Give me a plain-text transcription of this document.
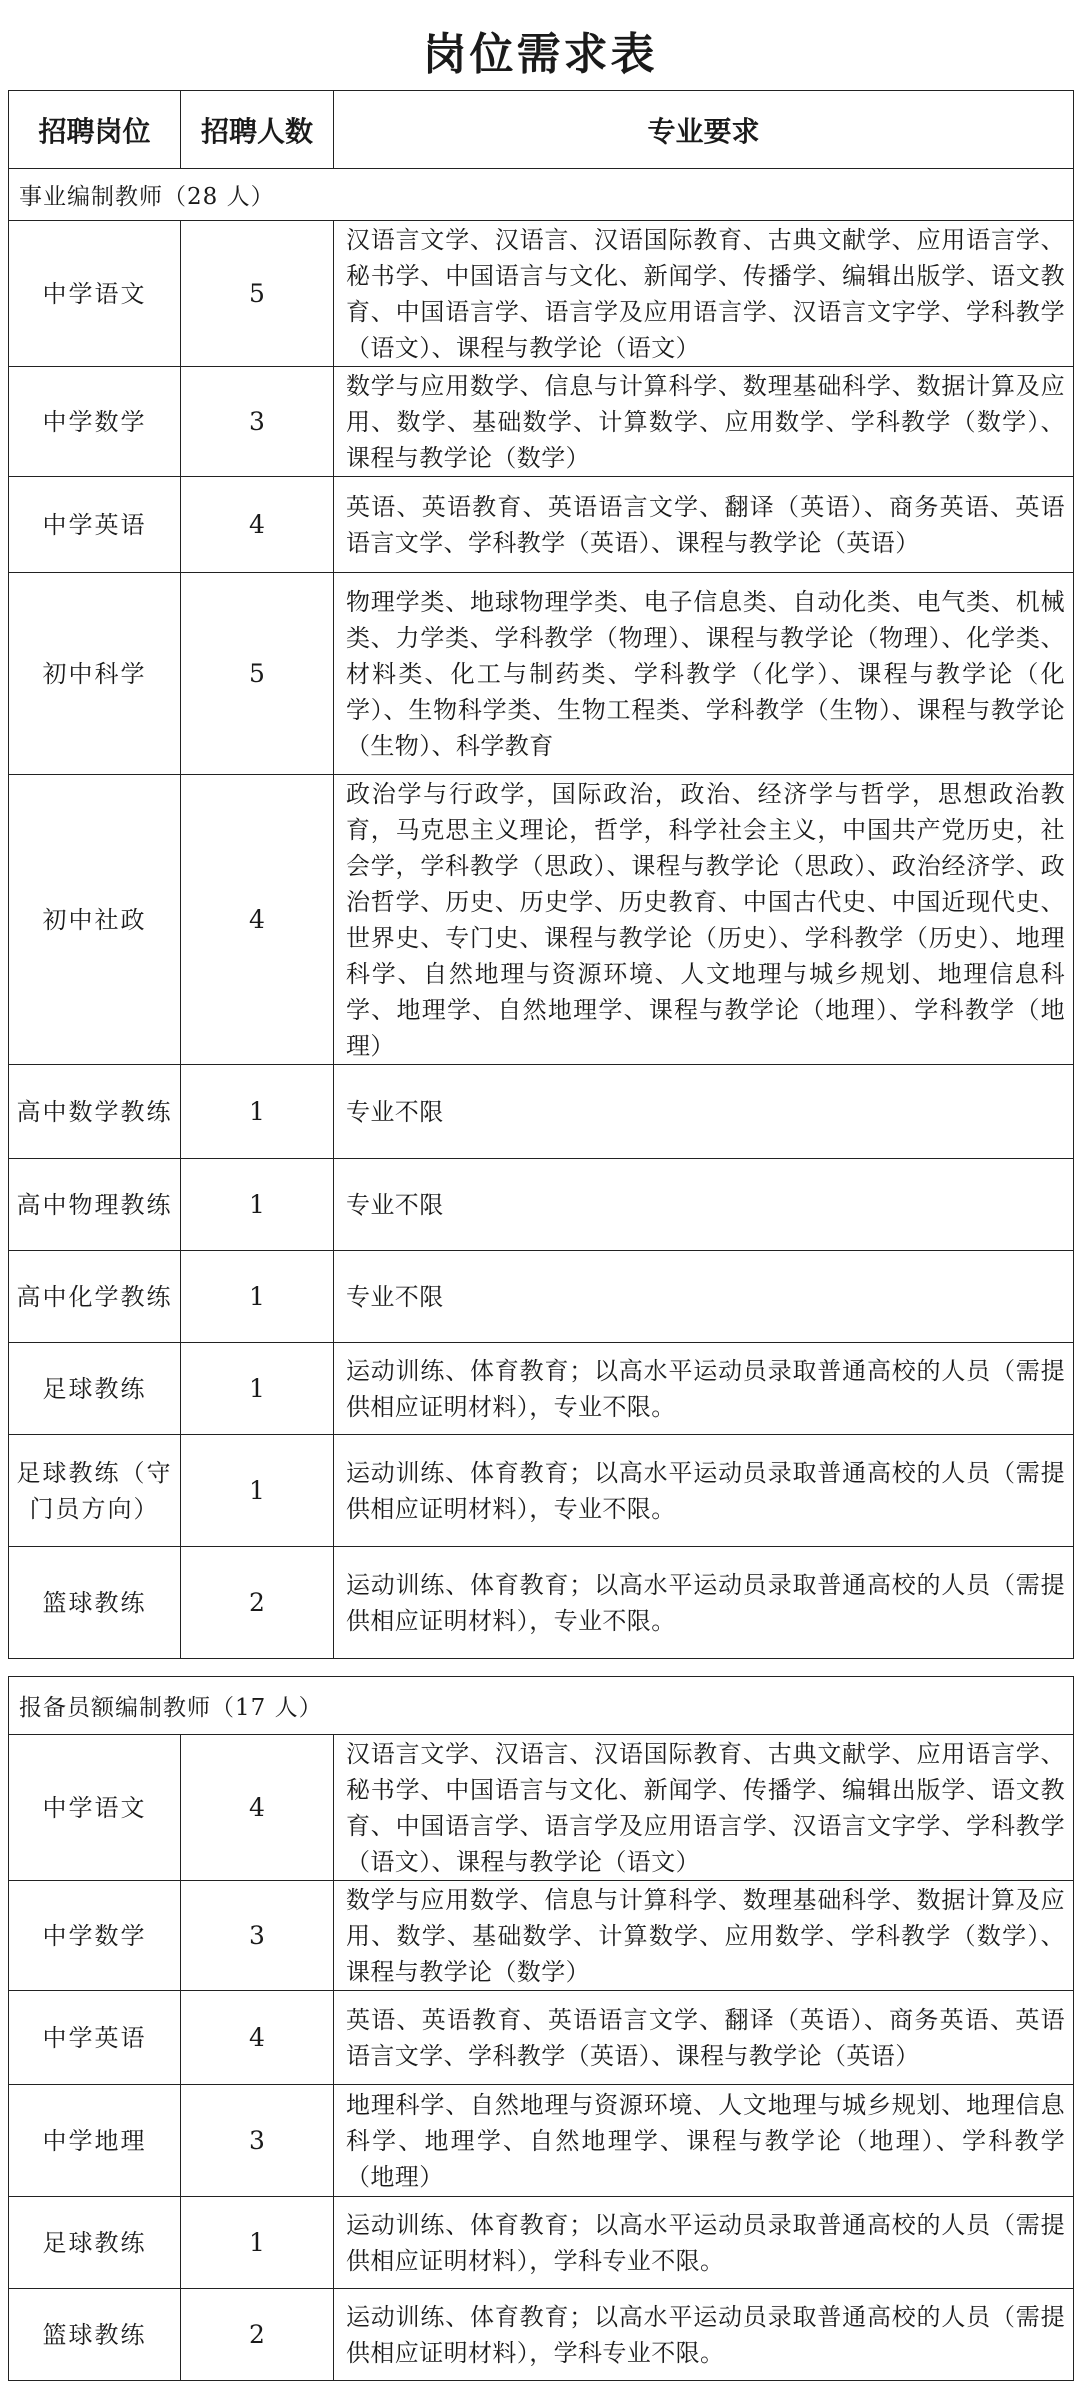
岗位需求表
招聘岗位	招聘人数	专业要求
事业编制教师（28 人）		
中学语文	5	汉语言文学、汉语言、汉语国际教育、古典文献学、应用语言学、秘书学、中国语言与文化、新闻学、传播学、编辑出版学、语文教育、中国语言学、语言学及应用语言学、汉语言文字学、学科教学（语文）、课程与教学论（语文）
中学数学	3	数学与应用数学、信息与计算科学、数理基础科学、数据计算及应用、数学、基础数学、计算数学、应用数学、学科教学（数学）、课程与教学论（数学）
中学英语	4	英语、英语教育、英语语言文学、翻译（英语）、商务英语、英语语言文学、学科教学（英语）、课程与教学论（英语）
初中科学	5	物理学类、地球物理学类、电子信息类、自动化类、电气类、机械类、力学类、学科教学（物理）、课程与教学论（物理）、化学类、材料类、化工与制药类、学科教学（化学）、课程与教学论（化学）、生物科学类、生物工程类、学科教学（生物）、课程与教学论（生物）、科学教育
初中社政	4	政治学与行政学，国际政治，政治、经济学与哲学，思想政治教育，马克思主义理论，哲学，科学社会主义，中国共产党历史，社会学，学科教学（思政）、课程与教学论（思政）、政治经济学、政治哲学、历史、历史学、历史教育、中国古代史、中国近现代史、世界史、专门史、课程与教学论（历史）、学科教学（历史）、地理科学、自然地理与资源环境、人文地理与城乡规划、地理信息科学、地理学、自然地理学、课程与教学论（地理）、学科教学（地理）
高中数学教练	1	专业不限
高中物理教练	1	专业不限
高中化学教练	1	专业不限
足球教练	1	运动训练、体育教育；以高水平运动员录取普通高校的人员（需提供相应证明材料），专业不限。
足球教练（守门员方向）	1	运动训练、体育教育；以高水平运动员录取普通高校的人员（需提供相应证明材料），专业不限。
篮球教练	2	运动训练、体育教育；以高水平运动员录取普通高校的人员（需提供相应证明材料），专业不限。
报备员额编制教师（17 人）		
中学语文	4	汉语言文学、汉语言、汉语国际教育、古典文献学、应用语言学、秘书学、中国语言与文化、新闻学、传播学、编辑出版学、语文教育、中国语言学、语言学及应用语言学、汉语言文字学、学科教学（语文）、课程与教学论（语文）
中学数学	3	数学与应用数学、信息与计算科学、数理基础科学、数据计算及应用、数学、基础数学、计算数学、应用数学、学科教学（数学）、课程与教学论（数学）
中学英语	4	英语、英语教育、英语语言文学、翻译（英语）、商务英语、英语语言文学、学科教学（英语）、课程与教学论（英语）
中学地理	3	地理科学、自然地理与资源环境、人文地理与城乡规划、地理信息科学、地理学、自然地理学、课程与教学论（地理）、学科教学（地理）
足球教练	1	运动训练、体育教育；以高水平运动员录取普通高校的人员（需提供相应证明材料），学科专业不限。
篮球教练	2	运动训练、体育教育；以高水平运动员录取普通高校的人员（需提供相应证明材料），学科专业不限。
